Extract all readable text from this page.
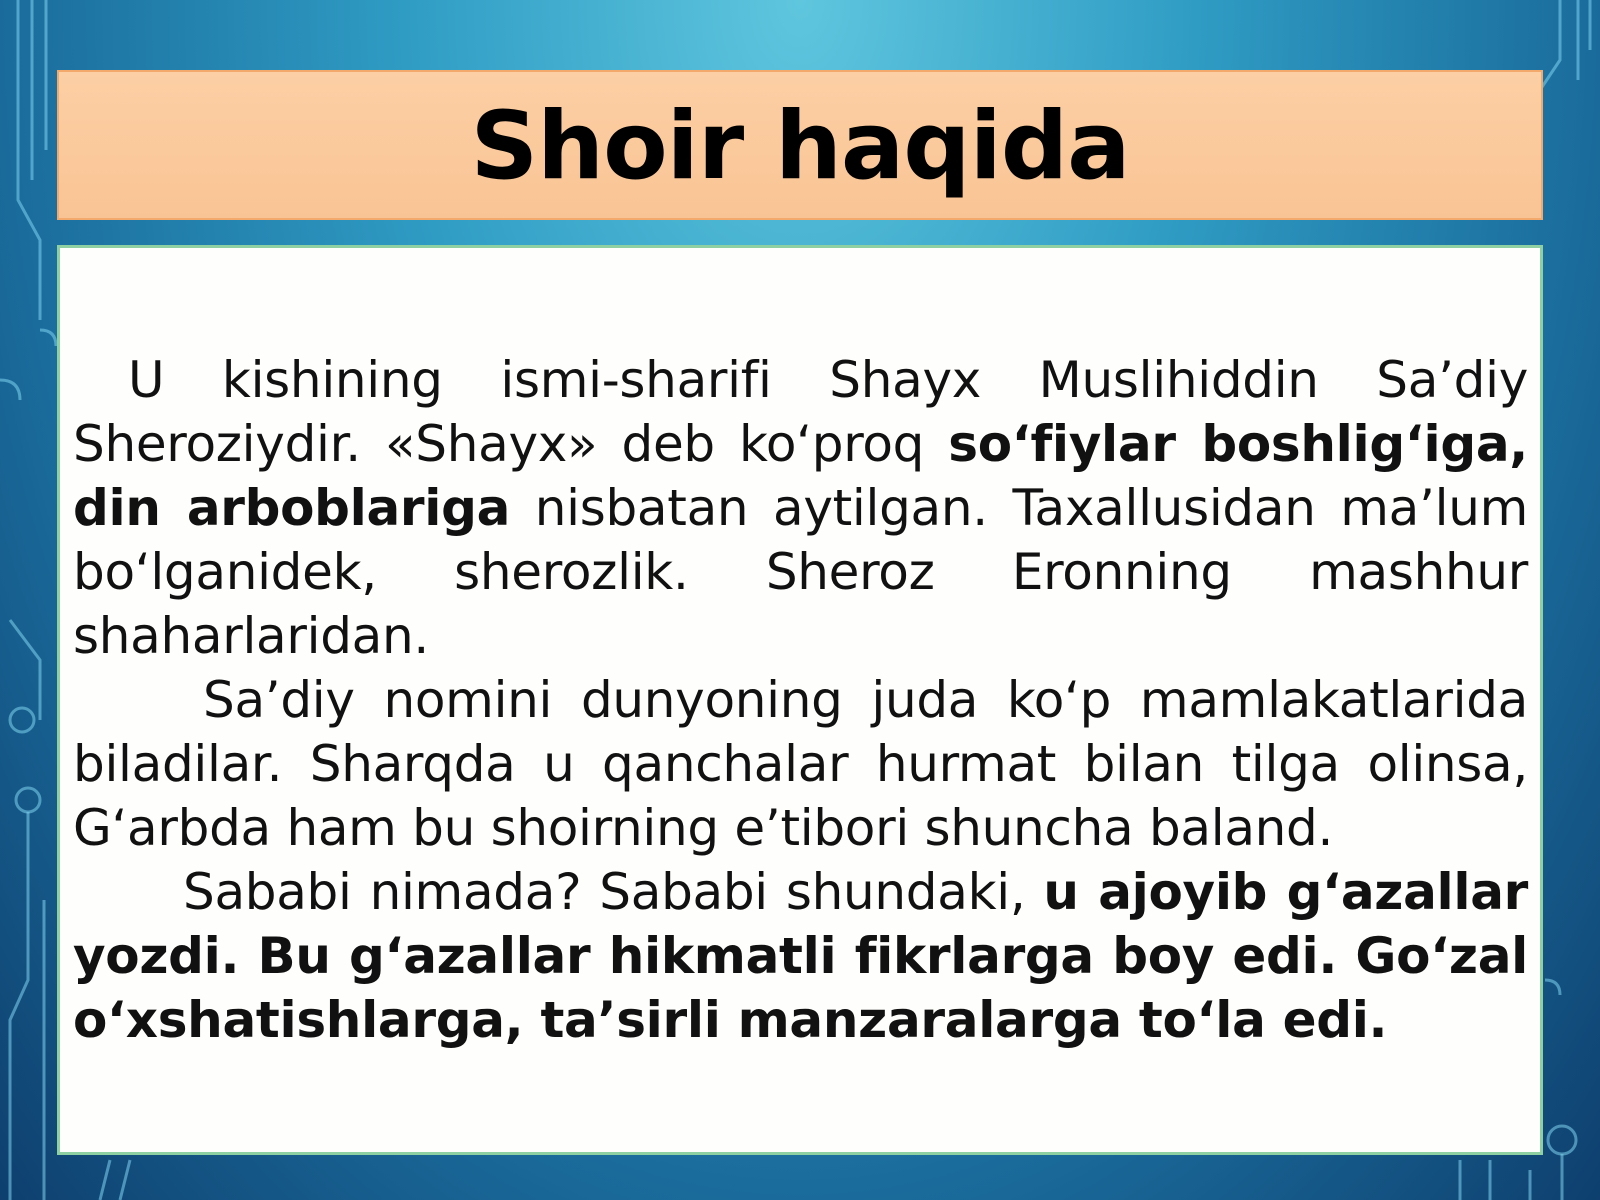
Shoir haqida

U kishining ismi-sharifi Shayx Muslihiddin Sa’diy Sheroziydir. «Shayx» deb ko‘proq so‘fiylar boshlig‘iga, din arboblariga nisbatan aytilgan. Taxallusidan ma’lum bo‘lganidek, sherozlik. Sheroz Eronning mashhur shaharlaridan.

Sa’diy nomini dunyoning juda ko‘p mamlakatlarida biladilar. Sharqda u qanchalar hurmat bilan tilga olinsa, G‘arbda ham bu shoirning e’tibori shuncha baland.

Sababi nimada? Sababi shundaki, u ajoyib g‘azallar yozdi. Bu g‘azallar hikmatli fikrlarga boy edi. Go‘zal o‘xshatishlarga, ta’sirli manzaralarga to‘la edi.
